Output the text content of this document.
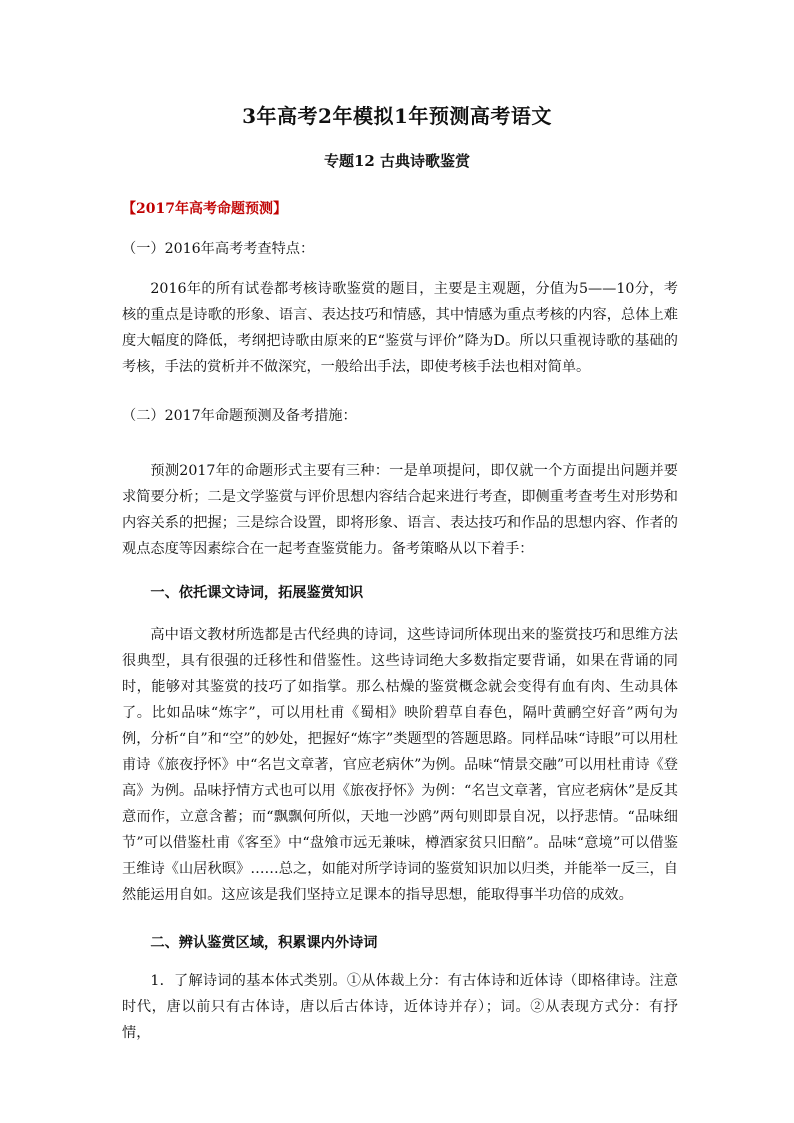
3年高考2年模拟1年预测高考语文
专题12 古典诗歌鉴赏
【2017年高考命题预测】
（一）2016年高考考查特点：
2016年的所有试卷都考核诗歌鉴赏的题目，主要是主观题，分值为5——10分，考核的重点是诗歌的形象、语言、表达技巧和情感，其中情感为重点考核的内容，总体上难度大幅度的降低，考纲把诗歌由原来的E“鉴赏与评价”降为D。所以只重视诗歌的基础的考核，手法的赏析并不做深究，一般给出手法，即使考核手法也相对简单。
（二）2017年命题预测及备考措施：
预测2017年的命题形式主要有三种：一是单项提问，即仅就一个方面提出问题并要求简要分析；二是文学鉴赏与评价思想内容结合起来进行考查，即侧重考查考生对形势和内容关系的把握；三是综合设置，即将形象、语言、表达技巧和作品的思想内容、作者的观点态度等因素综合在一起考查鉴赏能力。备考策略从以下着手：
一、依托课文诗词，拓展鉴赏知识
高中语文教材所选都是古代经典的诗词，这些诗词所体现出来的鉴赏技巧和思维方法很典型，具有很强的迁移性和借鉴性。这些诗词绝大多数指定要背诵，如果在背诵的同时，能够对其鉴赏的技巧了如指掌。那么枯燥的鉴赏概念就会变得有血有肉、生动具体了。比如品味“炼字”，可以用杜甫《蜀相》映阶碧草自春色，隔叶黄鹂空好音”两句为例，分析“自”和“空”的妙处，把握好“炼字”类题型的答题思路。同样品味“诗眼”可以用杜甫诗《旅夜抒怀》中“名岂文章著，官应老病休”为例。品味“情景交融”可以用杜甫诗《登高》为例。品味抒情方式也可以用《旅夜抒怀》为例：“名岂文章著，官应老病休”是反其意而作，立意含蓄；而“飘飘何所似，天地一沙鸥”两句则即景自况，以抒悲情。“品味细节”可以借鉴杜甫《客至》中“盘飧市远无兼味，樽酒家贫只旧醅”。品味“意境”可以借鉴王维诗《山居秋暝》……总之，如能对所学诗词的鉴赏知识加以归类，并能举一反三，自然能运用自如。这应该是我们坚持立足课本的指导思想，能取得事半功倍的成效。
二、辨认鉴赏区域，积累课内外诗词
1．了解诗词的基本体式类别。①从体裁上分：有古体诗和近体诗（即格律诗。注意时代，唐以前只有古体诗，唐以后古体诗，近体诗并存）；词。②从表现方式分：有抒情，
